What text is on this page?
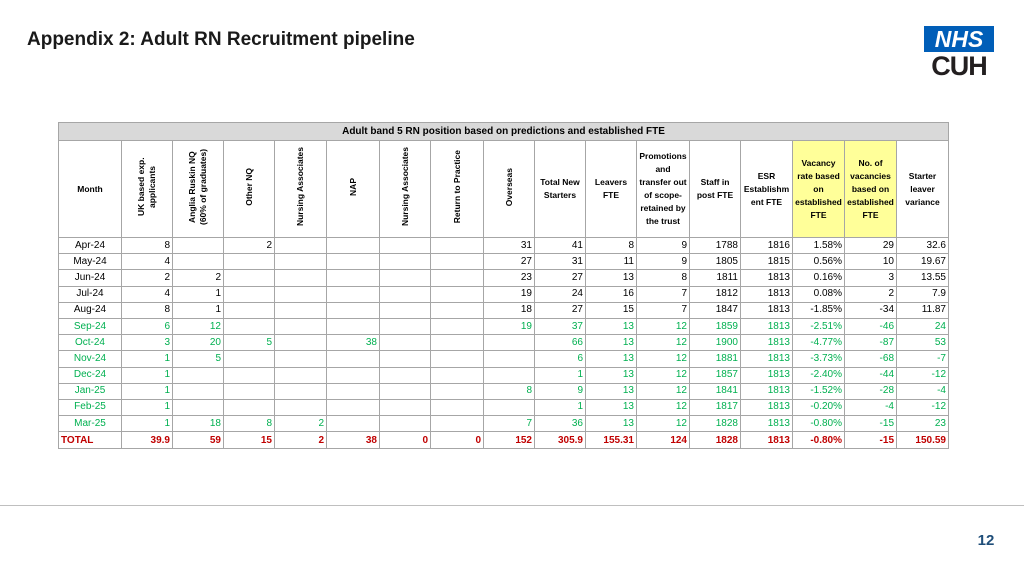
Appendix 2: Adult RN Recruitment pipeline	NHS
CUH
Adult band 5 RN position based on predictions and established FTE																
Month	UK based exp. applicants	Anglia Ruskin NQ (60% of graduates)	Other NQ	Nursing Associates	NAP	Nursing Associates	Return to Practice	Overseas	Total New Starters	Leavers FTE	Promotions and transfer out of scope- retained by the trust	Staff in post FTE	ESR Establishm ent FTE	Vacancy rate based on established FTE	No. of vacancies based on established FTE	Starter leaver variance
Apr-24	8		2					31	41	8	9	1788	1816	1.58%	29	32.6
May-24	4							27	31	11	9	1805	1815	0.56%	10	19.67
Jun-24	2	2						23	27	13	8	1811	1813	0.16%	3	13.55
Jul-24	4	1						19	24	16	7	1812	1813	0.08%	2	7.9
Aug-24	8	1						18	27	15	7	1847	1813	-1.85%	-34	11.87
Sep-24	6	12						19	37	13	12	1859	1813	-2.51%	-46	24
Oct-24	3	20	5		38				66	13	12	1900	1813	-4.77%	-87	53
Nov-24	1	5							6	13	12	1881	1813	-3.73%	-68	-7
Dec-24	1								1	13	12	1857	1813	-2.40%	-44	-12
Jan-25	1							8	9	13	12	1841	1813	-1.52%	-28	-4
Feb-25	1								1	13	12	1817	1813	-0.20%	-4	-12
Mar-25	1	18	8	2				7	36	13	12	1828	1813	-0.80%	-15	23
TOTAL	39.9	59	15	2	38	0	0	152	305.9	155.31	124	1828	1813	-0.80%	-15	150.59
12
